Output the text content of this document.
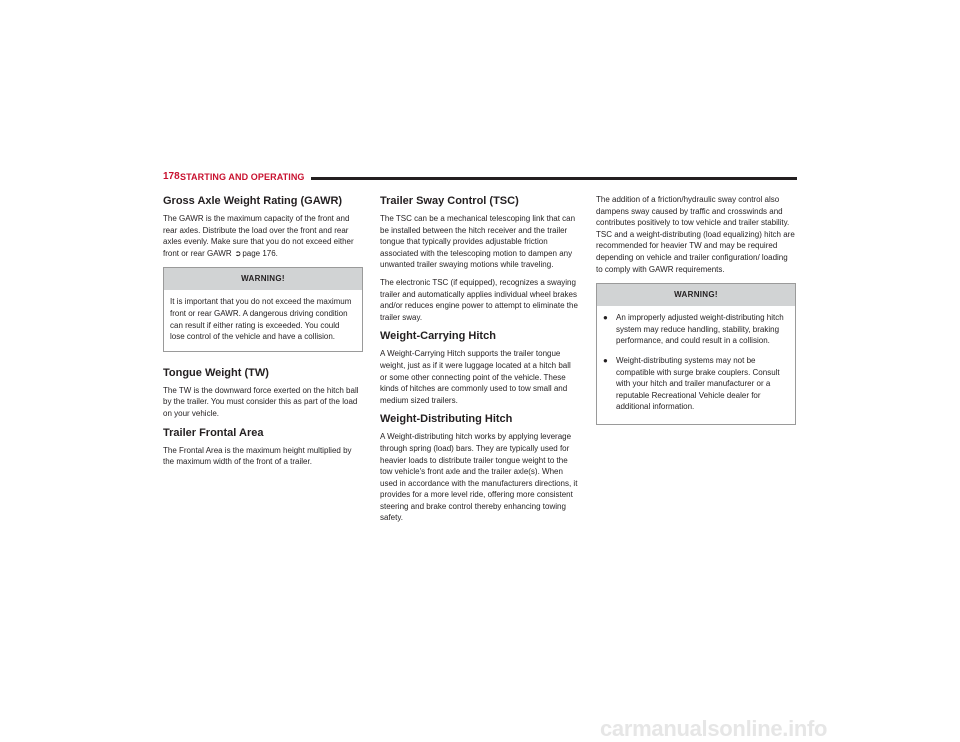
178 STARTING AND OPERATING
Gross Axle Weight Rating (GAWR)

The GAWR is the maximum capacity of the front and rear axles. Distribute the load over the front and rear axles evenly. Make sure that you do not exceed either front or rear GAWR ➲page 176.

WARNING!

It is important that you do not exceed the maximum front or rear GAWR. A dangerous driving condition can result if either rating is exceeded. You could lose control of the vehicle and have a collision.

Tongue Weight (TW)

The TW is the downward force exerted on the hitch ball by the trailer. You must consider this as part of the load on your vehicle.

Trailer Frontal Area

The Frontal Area is the maximum height multiplied by the maximum width of the front of a trailer.

Trailer Sway Control (TSC)

The TSC can be a mechanical telescoping link that can be installed between the hitch receiver and the trailer tongue that typically provides adjustable friction associated with the telescoping motion to dampen any unwanted trailer swaying motions while traveling.

The electronic TSC (if equipped), recognizes a swaying trailer and automatically applies individual wheel brakes and/or reduces engine power to attempt to eliminate the trailer sway.

Weight-Carrying Hitch

A Weight-Carrying Hitch supports the trailer tongue weight, just as if it were luggage located at a hitch ball or some other connecting point of the vehicle. These kinds of hitches are commonly used to tow small and medium sized trailers.

Weight-Distributing Hitch

A Weight-distributing hitch works by applying leverage through spring (load) bars. They are typically used for heavier loads to distribute trailer tongue weight to the tow vehicle's front axle and the trailer axle(s). When used in accordance with the manufacturers directions, it provides for a more level ride, offering more consistent steering and brake control thereby enhancing towing safety.

The addition of a friction/hydraulic sway control also dampens sway caused by traffic and crosswinds and contributes positively to tow vehicle and trailer stability. TSC and a weight-distributing (load equalizing) hitch are recommended for heavier TW and may be required depending on vehicle and trailer configuration/ loading to comply with GAWR requirements.

WARNING!
●	An improperly adjusted weight-distributing hitch system may reduce handling, stability, braking performance, and could result in a collision.
●	Weight-distributing systems may not be compatible with surge brake couplers. Consult with your hitch and trailer manufacturer or a reputable Recreational Vehicle dealer for additional information.
carmanualsonline.info
